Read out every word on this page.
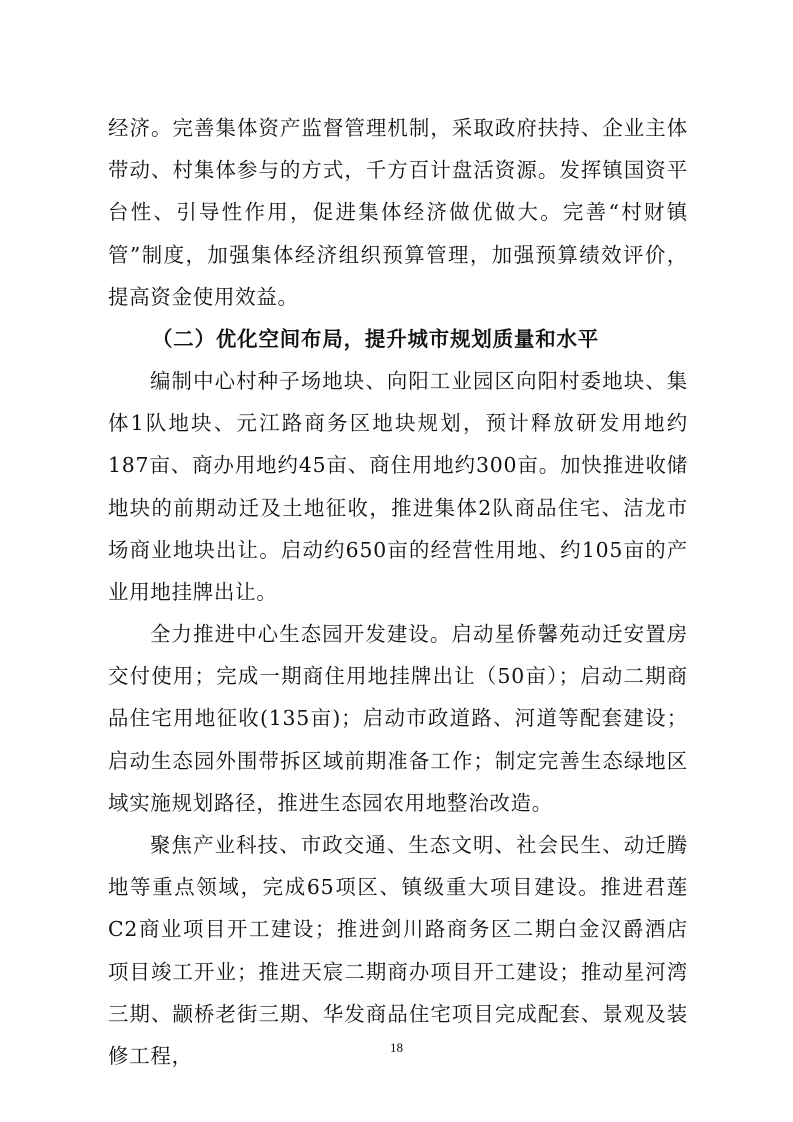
经济。完善集体资产监督管理机制，采取政府扶持、企业主体带动、村集体参与的方式，千方百计盘活资源。发挥镇国资平台性、引导性作用，促进集体经济做优做大。完善“村财镇管”制度，加强集体经济组织预算管理，加强预算绩效评价，提高资金使用效益。

（二）优化空间布局，提升城市规划质量和水平

编制中心村种子场地块、向阳工业园区向阳村委地块、集体1队地块、元江路商务区地块规划，预计释放研发用地约187亩、商办用地约45亩、商住用地约300亩。加快推进收储地块的前期动迁及土地征收，推进集体2队商品住宅、洁龙市场商业地块出让。启动约650亩的经营性用地、约105亩的产业用地挂牌出让。

全力推进中心生态园开发建设。启动星侨馨苑动迁安置房交付使用；完成一期商住用地挂牌出让（50亩）；启动二期商品住宅用地征收(135亩)；启动市政道路、河道等配套建设；启动生态园外围带拆区域前期准备工作；制定完善生态绿地区域实施规划路径，推进生态园农用地整治改造。

聚焦产业科技、市政交通、生态文明、社会民生、动迁腾地等重点领域，完成65项区、镇级重大项目建设。推进君莲C2商业项目开工建设；推进剑川路商务区二期白金汉爵酒店项目竣工开业；推进天宸二期商办项目开工建设；推动星河湾三期、颛桥老街三期、华发商品住宅项目完成配套、景观及装修工程，	18
